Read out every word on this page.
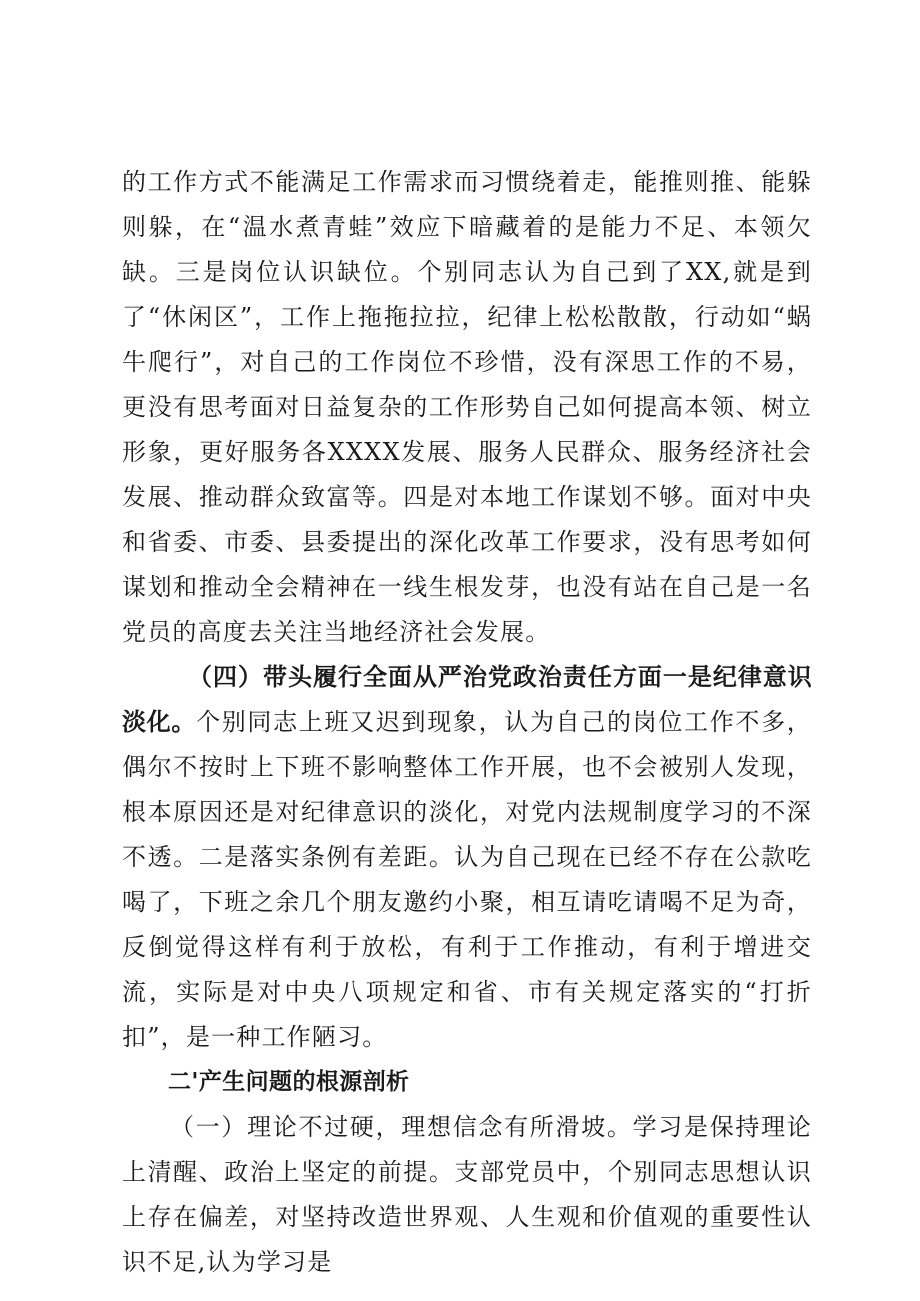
的工作方式不能满足工作需求而习惯绕着走，能推则推、能躲则躲，在“温水煮青蛙”效应下暗藏着的是能力不足、本领欠缺。三是岗位认识缺位。个别同志认为自己到了XX,就是到了“休闲区”，工作上拖拖拉拉，纪律上松松散散，行动如“蜗牛爬行”，对自己的工作岗位不珍惜，没有深思工作的不易，更没有思考面对日益复杂的工作形势自己如何提高本领、树立形象，更好服务各XXXX发展、服务人民群众、服务经济社会发展、推动群众致富等。四是对本地工作谋划不够。面对中央和省委、市委、县委提出的深化改革工作要求，没有思考如何谋划和推动全会精神在一线生根发芽，也没有站在自己是一名党员的高度去关注当地经济社会发展。

（四）带头履行全面从严治党政治责任方面一是纪律意识淡化。个别同志上班又迟到现象，认为自己的岗位工作不多，偶尔不按时上下班不影响整体工作开展，也不会被别人发现，根本原因还是对纪律意识的淡化，对党内法规制度学习的不深不透。二是落实条例有差距。认为自己现在已经不存在公款吃喝了，下班之余几个朋友邀约小聚，相互请吃请喝不足为奇，反倒觉得这样有利于放松，有利于工作推动，有利于增进交流，实际是对中央八项规定和省、市有关规定落实的“打折扣”，是一种工作陋习。

二'产生问题的根源剖析

（一）理论不过硬，理想信念有所滑坡。学习是保持理论上清醒、政治上坚定的前提。支部党员中，个别同志思想认识上存在偏差，对坚持改造世界观、人生观和价值观的重要性认识不足,认为学习是
